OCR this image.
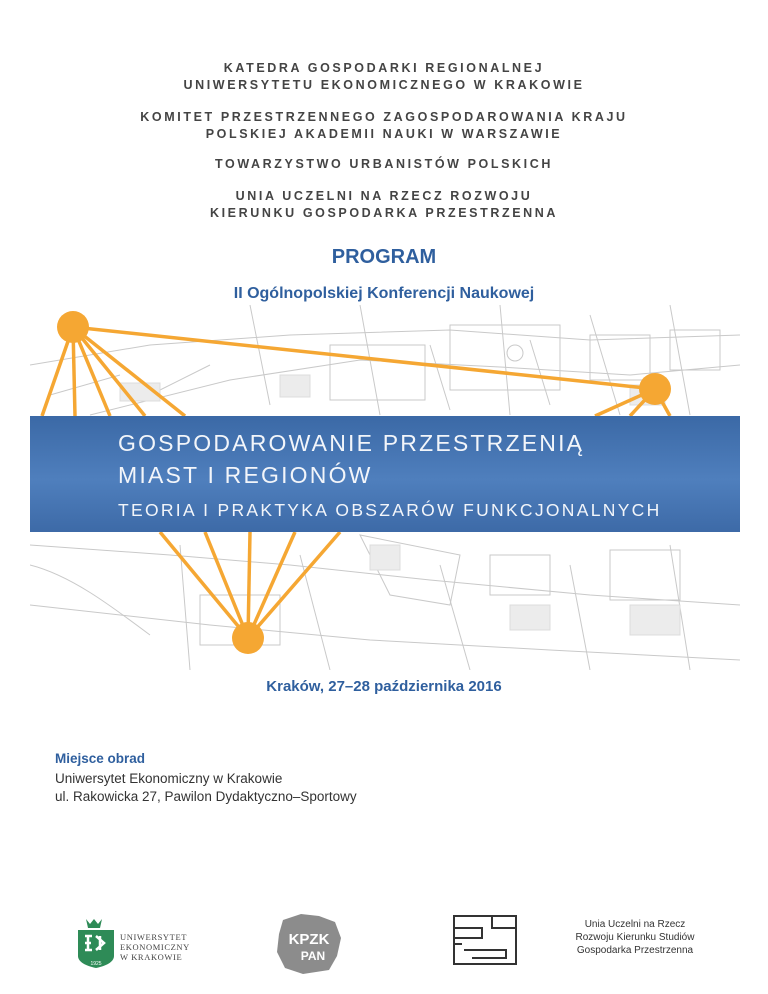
KATEDRA GOSPODARKI REGIONALNEJ
UNIWERSYTETU EKONOMICZNEGO W KRAKOWIE
KOMITET PRZESTRZENNEGO ZAGOSPODAROWANIA KRAJU
POLSKIEJ AKADEMII NAUKI W WARSZAWIE
TOWARZYSTWO URBANISTÓW POLSKICH
UNIA UCZELNI NA RZECZ ROZWOJU
KIERUNKU GOSPODARKA PRZESTRZENNA
PROGRAM
II Ogólnopolskiej Konferencji Naukowej
GOSPODAROWANIE PRZESTRZENIĄ
MIAST I REGIONÓW
TEORIA I PRAKTYKA OBSZARÓW FUNKCJONALNYCH
Kraków, 27–28 października 2016
Miejsce obrad
Uniwersytet Ekonomiczny w Krakowie
ul. Rakowicka 27, Pawilon Dydaktyczno–Sportowy
1925
UNIWERSYTET
EKONOMICZNY
W KRAKOWIE
KPZK
PAN
Unia Uczelni na Rzecz
Rozwoju Kierunku Studiów
Gospodarka Przestrzenna
